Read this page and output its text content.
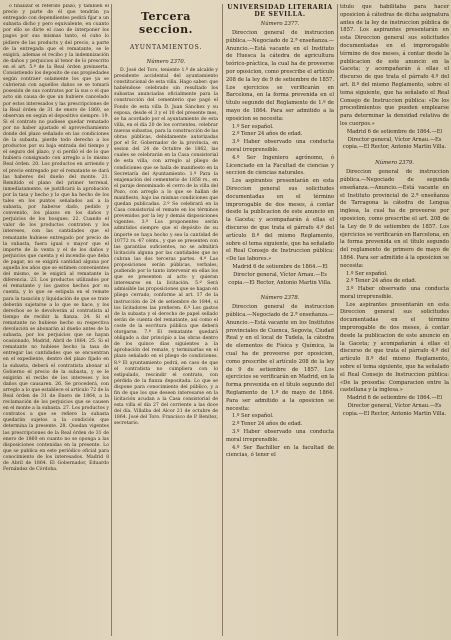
o finalizar el referido plazo, y también el precio y parte de él que tendrán ya entregado con dependientes pedirá fijar a un subasta dicho y pero equivalente, en cuanto por ello se dicte el caso de interponer los pagos por sus mismas tanto, el cubo lo pidiere de las products y del precio, a parte de la entregada que el rematante, se le exigirá, ademas el recibo y la indemnización de daños y perjuicios al tenor de lo prescrito en el art. 5.º de la Real órden preinserta. Consistiendo los deposito de sus propiedades según contraer solamente los que ya se cubrieran con aquellos daños se se tomará posesión de sus contratos por la sus o el que acto sin causa de que un hubiere cancelado por estos interesados y las prescripciones de la Real órden de 31 de enero de 1860, se observan en según el depositivo siempre. 19. Si el contrato no pudiese quedar rematado por no haber ajustado el aprovechamiento donde del plazo señalado en las condiciones de la subasta, pierde todo derecho a los productos por su baja entrada del tiempo y el seguro del plazo, y si perdió el de lo que hubiera consignado con arreglo a lo mismo Real órden. 20. Los productos en arriendo y el precio entregado por el rematante se dará las haberes del dueño del monte. 21. Remitido el plano del primer terrenal, inmediatamente, se justificará la aprobación por la tasa y hecho y lo que ha hecho de los tales en los puntos señalados así a la subasta, por haberse dado, pedido y convenido, los plazos en los daños y perjuicios de los bosques. 22. Cuando el valor de los productos contraten y los intereses, con las cantidades que el rematante hubiese entregado por precio de la subasta, fuera igual o mayor que el importe de la venta y el de los daños y perjuicios que cuenta y el incendio que deba de pagar, no se exigirá cantidad alguna por aquella los años que se estimen convenientes del mismo, se le exigirá al rematante la diferencia. 23. Los productos utilizados por el rematante y los gastos hechos por su cuenta, y lo que se estipula en el remate para la tasación y liquidación de que se trate deberán sujetarse a lo que se hace, y los derechos se le devolverán al contratista al tiempo de recibir la fianza. 24. Si el rematante no hubiese hecho su respectiva devolución se abonarán al dueño antes de la subasta, por los perjuicios que se hayan ocasionado, Madrid, Abril de 1864. 25. Si el rematante no hubiese hecho la tasa de entregar las cantidades que se encuentran en el expediente, dentro del plazo fijado en la subasta, deberá el contratista abonar al Gobierno el precio de la subasta, y se le exigirán el recibo de los intereses y los daños que causaren. 26. Se procederá, con arreglo a lo que establece el artículo 72 de la Real órden de 31 de Enero de 1864, a la reclamación de los perjuicios que se causen en el monte a la subasta. 27. Los productos y contratos a que se refiere la subasta quedarán sujetos a la condición que determina la presente. 28. Quedan vigentes las prescripciones de la Real órden de 31 de enero de 1860 en cuanto no se oponga a las disposiciones contenidas en la presente. Lo que se publica en este periódico oficial para conocimiento de los interesados. Madrid 8 de Abril de 1864. El Gobernador, Eduardo Fernández de Córdoba.

Tercera seccion.
AYUNTAMIENTOS.
Número 2370.

D. José del Toro, teniente 1.º de alcalde y presidente accidental del ayuntamiento constitucional de esta villa. Hago saber: que habiéndose celebrado sin resultado los subastas anunciadas oficialmente para la construcción del cementerio que pagó el Fondo de esta villa D. Juan Sánchez y su esposa, desde el 3 y el 10 del presente mes, se ha acordado por el ayuntamiento de esta villa, en el día 20 de los corrientes, celebrar nuevas subastas, para la construcción de las obras públicas, debidamente autorizadas por el Sr. Gobernador de la provincia, en sesion del 24 de Octubre de 1862, las cuales se celebrarán en la Casa consistorial de esta villa, con arreglo al pliego de condiciones que se halla de manifiesto en la Secretaría del Ayuntamiento. 1.º Para la enajenación del cementerio de 1858 rs., en el paraje denominado el cerro de la villa del Pozo, con arreglo a lo que se hallan de manifiesto, bajo las mismas condiciones que quedan publicadas. 2.º Se celebrará en la Casa consistorial el remate en los términos prevenidos por la ley y demás disposiciones vigentes. 3.º Los proponentes serán admitidos siempre que el depósito de su importe se haya hecho y sea la cantidad de 10772 rs. 47 cénts., y que se presenten con las garantías suficientes, no se admitirá licitación alguna por las cantidades que no cubran las dos terceras partes. 4.º Las proposiciones serán públicas, verbales, pudiendo por lo tanto intervenir en ellas los que se presenten al acto y quieran interesarse en la licitación. 5.º Será admisible las proposiciones que se hagan en pliego cerrado, conforme al art. 17 de la instrucción de 24 de setiembre de 1844, si los licitadores las prefieren. 6.º Los gastos de la subasta y el derecho de papel sellado serán de cuenta del rematante, así como el coste de la escritura pública que deberá otorgarse. 7.º El rematante quedará obligado a dar principio a las obras dentro de los quince días siguientes a la aprobación del remate, y terminarlas en el plazo señalado en el pliego de condiciones. 8.º El ayuntamiento podrá, en caso de que el contratista no cumpliera con lo estipulado, rescindir el contrato, con pérdida de la fianza depositada. Lo que se dispone para conocimiento del público, y a fin de que los que deseen interesarse en la licitación acudan a la Casa consistorial de esta villa el día 27 del corriente a las doce del día. Villalba del Alcor 21 de octubre de 1864. José del Toro. Francisco de P. Benítez, secretario.

UNIVERSIDAD LITERARIA DE SEVILLA.
Número 2377.

Direccion general de instruccion pública.—Negociado de 2.ª enseñanza.—Anuncio.—Está vacante en el Instituto de Huesca la cátedra de agricultura teórico-práctica, la cual ha de proveerse por oposicion, como prescribe el artículo 208 de la ley de 9 de setiembre de 1857. Los ejercicios se verificarán en Barcelona, en la forma prevenida en el título segundo del Reglamento de 1.º de mayo de 1864. Para ser admitido a la oposicion se necesita:

1.º Ser español.

2.º Tener 24 años de edad.

3.º Haber observado una conducta moral irreprensible.

4.º Ser Ingeniero agrónomo, ó Licenciado en la Facultad de ciencias y seccion de ciencias naturales.

Los aspirantes presentarán en esta Direccion general sus solicitudes documentadas en el término improrogable de dos meses, á contar desde la publicacion de este anuncio en la Gaceta; y acompañarán á ellas el discurso de que trata el párrafo 4.º del artículo 8.º del mismo Reglamento, sobre el tema siguiente, que ha señalado el Real Consejo de Instruccion pública: «De las labores.»

Madrid 6 de setiembre de 1864.—El Director general, Víctor Arnau.—Es copia.—El Rector, Antonio Martin Villa.

Número 2378.

Direccion general de instruccion pública.—Negociado de 2.ª enseñanza.—Anuncio.—Está vacante en los Institutos provinciales de Cuenca, Segovia, Ciudad Real y en el local de Tudela, la cátedra de elementos de Física y Química, la cual ha de proveerse por oposicion, como prescribe el artículo 208 de la ley de 9 de setiembre de 1857. Los ejercicios se verificarán en Madrid, en la forma prevenida en el título segundo del Reglamento de 1.º de mayo de 1864. Para ser admitido a la oposicion se necesita:

1.º Ser español.

2.º Tener 24 años de edad.

3.º Haber observado una conducta moral irreprensible.

4.º Ser Bachiller en la facultad de ciencias, ó tener el

título que habilitaba para hacer oposicion á cátedras de dicha asignatura antes de la ley de instruccion pública de 1857. Los aspirantes presentarán en esta Direccion general sus solicitudes documentadas en el improrogable término de dos meses, á contar desde la publicacion de este anuncio en la Gaceta; y acompañarán á ellas el discurso de que trata el párrafo 4.º del art. 8.º del mismo Reglamento, sobre el tema siguiente, que ha señalado el Real Consejo de Instruccion pública: «De los procedimientos que pueden emplearse para determinar la densidad relativa de los cuerpos.»

Madrid 6 de setiembre de 1864.—El Director general, Víctor Arnau.—Es copia.—El Rector, Antonio Martin Villa.

Número 2379.

Direccion general de instruccion pública.—Negociado de segunda enseñanza.—Anuncio.—Está vacante en el Instituto provincial de 2.ª enseñanza de Tarragona la cátedra de Lengua inglesa, la cual ha de proveerse por oposicion, como prescribe el art. 208 de la Ley de 9 de setiembre de 1857. Los ejercicios se verificarán en Barcelona, en la forma prevenida en el título segundo del reglamento de primero de mayo de 1864. Para ser admitido á la oposicion se necesita:

1.º Ser español.

2.º Tener 24 años de edad.

3.º Haber observado una conducta moral irreprensible.

Los aspirantes presentarán en esta Direccion general sus solicitudes documentadas en el término improrogable de dos meses, á contar desde la publicacion de este anuncio en la Gaceta; y acompañarán á ellas el discurso de que trata el párrafo 4.º del artículo 8.º del mismo Reglamento, sobre el tema siguiente, que ha señalado el Real Consejo de Instruccion pública: «De la prosodia: Comparacion entre la castellana y la inglesa.»

Madrid 6 de setiembre de 1864.—El Director general, Víctor Arnau.—Es copia.—El Rector, Antonio Martin Villa.
